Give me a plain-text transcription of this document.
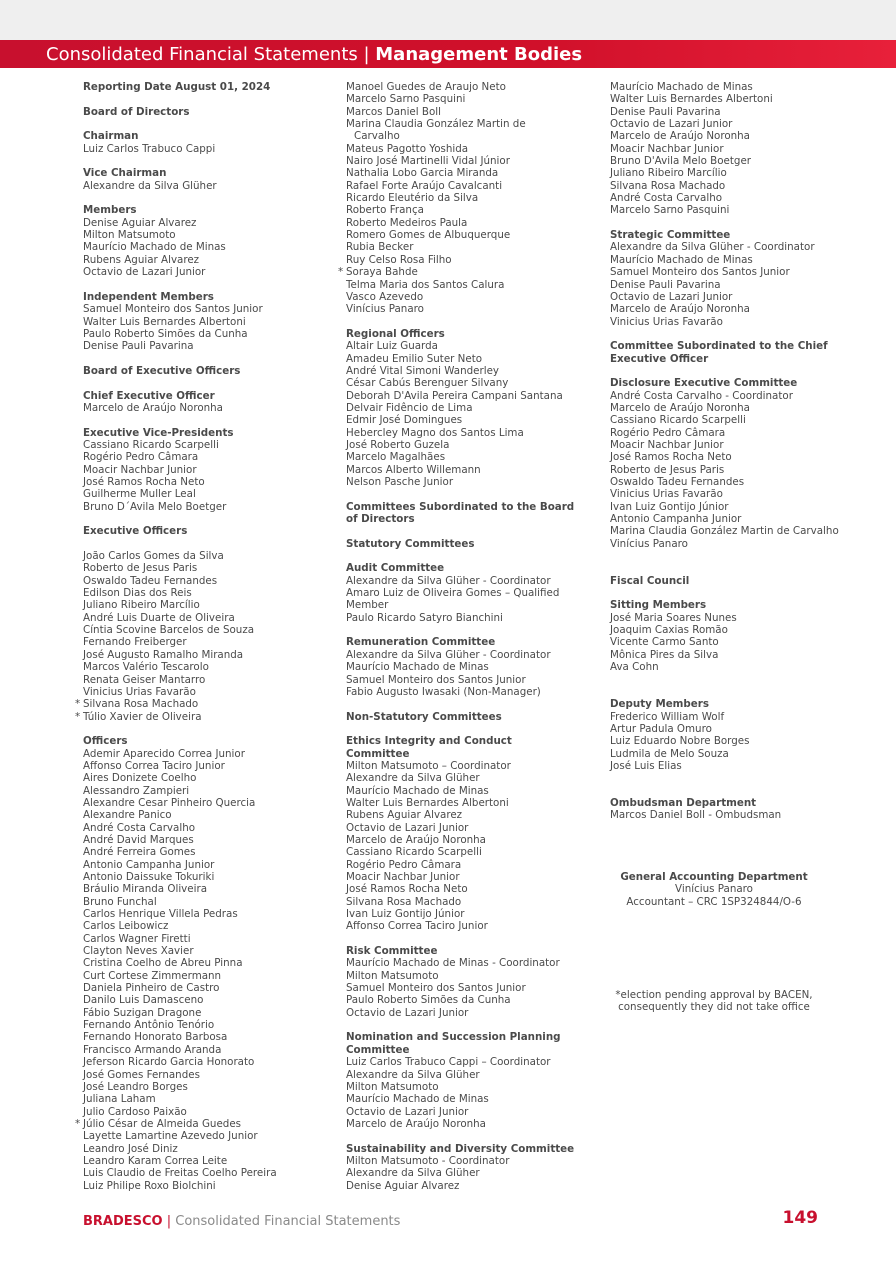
Consolidated Financial Statements | Management Bodies
Reporting Date August 01, 2024
Board of Directors
Chairman
Luiz Carlos Trabuco Cappi
Vice Chairman
Alexandre da Silva Glüher
Members
Denise Aguiar Alvarez
Milton Matsumoto
Maurício Machado de Minas
Rubens Aguiar Alvarez
Octavio de Lazari Junior
Independent Members
Samuel Monteiro dos Santos Junior
Walter Luis Bernardes Albertoni
Paulo Roberto Simões da Cunha
Denise Pauli Pavarina
Board of Executive Officers
Chief Executive Officer
Marcelo de Araújo Noronha
Executive Vice-Presidents
Cassiano Ricardo Scarpelli
Rogério Pedro Câmara
Moacir Nachbar Junior
José Ramos Rocha Neto
Guilherme Muller Leal
Bruno D´Avila Melo Boetger
Executive Officers
João Carlos Gomes da Silva
Roberto de Jesus Paris
Oswaldo Tadeu Fernandes
Edilson Dias dos Reis
Juliano Ribeiro Marcílio
André Luis Duarte de Oliveira
Cíntia Scovine Barcelos de Souza
Fernando Freiberger
José Augusto Ramalho Miranda
Marcos Valério Tescarolo
Renata Geiser Mantarro
Vinicius Urias Favarão
* Silvana Rosa Machado
* Túlio Xavier de Oliveira
Officers
Ademir Aparecido Correa Junior
Affonso Correa Taciro Junior
Aires Donizete Coelho
Alessandro Zampieri
Alexandre Cesar Pinheiro Quercia
Alexandre Panico
André Costa Carvalho
André David Marques
André Ferreira Gomes
Antonio Campanha Junior
Antonio Daissuke Tokuriki
Bráulio Miranda Oliveira
Bruno Funchal
Carlos Henrique Villela Pedras
Carlos Leibowicz
Carlos Wagner Firetti
Clayton Neves Xavier
Cristina Coelho de Abreu Pinna
Curt Cortese Zimmermann
Daniela Pinheiro de Castro
Danilo Luis Damasceno
Fábio Suzigan Dragone
Fernando Antônio Tenório
Fernando Honorato Barbosa
Francisco Armando Aranda
Jeferson Ricardo Garcia Honorato
José Gomes Fernandes
José Leandro Borges
Juliana Laham
Julio Cardoso Paixão
* Júlio César de Almeida Guedes
Layette Lamartine Azevedo Junior
Leandro José Diniz
Leandro Karam Correa Leite
Luis Claudio de Freitas Coelho Pereira
Luiz Philipe Roxo Biolchini
Manoel Guedes de Araujo Neto
Marcelo Sarno Pasquini
Marcos Daniel Boll
Marina Claudia González Martin de
Carvalho
Mateus Pagotto Yoshida
Nairo José Martinelli Vidal Júnior
Nathalia Lobo Garcia Miranda
Rafael Forte Araújo Cavalcanti
Ricardo Eleutério da Silva
Roberto França
Roberto Medeiros Paula
Romero Gomes de Albuquerque
Rubia Becker
Ruy Celso Rosa Filho
* Soraya Bahde
Telma Maria dos Santos Calura
Vasco Azevedo
Vinícius Panaro
Regional Officers
Altair Luiz Guarda
Amadeu Emilio Suter Neto
André Vital Simoni Wanderley
César Cabús Berenguer Silvany
Deborah D'Avila Pereira Campani Santana
Delvair Fidêncio de Lima
Edmir José Domingues
Hebercley Magno dos Santos Lima
José Roberto Guzela
Marcelo Magalhães
Marcos Alberto Willemann
Nelson Pasche Junior
Committees Subordinated to the Board
of Directors
Statutory Committees
Audit Committee
Alexandre da Silva Glüher - Coordinator
Amaro Luiz de Oliveira Gomes – Qualified
Member
Paulo Ricardo Satyro Bianchini
Remuneration Committee
Alexandre da Silva Glüher - Coordinator
Maurício Machado de Minas
Samuel Monteiro dos Santos Junior
Fabio Augusto Iwasaki (Non-Manager)
Non-Statutory Committees
Ethics Integrity and Conduct
Committee
Milton Matsumoto – Coordinator
Alexandre da Silva Glüher
Maurício Machado de Minas
Walter Luis Bernardes Albertoni
Rubens Aguiar Alvarez
Octavio de Lazari Junior
Marcelo de Araújo Noronha
Cassiano Ricardo Scarpelli
Rogério Pedro Câmara
Moacir Nachbar Junior
José Ramos Rocha Neto
Silvana Rosa Machado
Ivan Luiz Gontijo Júnior
Affonso Correa Taciro Junior
Risk Committee
Maurício Machado de Minas - Coordinator
Milton Matsumoto
Samuel Monteiro dos Santos Junior
Paulo Roberto Simões da Cunha
Octavio de Lazari Junior
Nomination and Succession Planning
Committee
Luiz Carlos Trabuco Cappi – Coordinator
Alexandre da Silva Glüher
Milton Matsumoto
Maurício Machado de Minas
Octavio de Lazari Junior
Marcelo de Araújo Noronha
Sustainability and Diversity Committee
Milton Matsumoto - Coordinator
Alexandre da Silva Glüher
Denise Aguiar Alvarez
Maurício Machado de Minas
Walter Luis Bernardes Albertoni
Denise Pauli Pavarina
Octavio de Lazari Junior
Marcelo de Araújo Noronha
Moacir Nachbar Junior
Bruno D'Avila Melo Boetger
Juliano Ribeiro Marcílio
Silvana Rosa Machado
André Costa Carvalho
Marcelo Sarno Pasquini
Strategic Committee
Alexandre da Silva Glüher - Coordinator
Maurício Machado de Minas
Samuel Monteiro dos Santos Junior
Denise Pauli Pavarina
Octavio de Lazari Junior
Marcelo de Araújo Noronha
Vinicius Urias Favarão
Committee Subordinated to the Chief
Executive Officer
Disclosure Executive Committee
André Costa Carvalho - Coordinator
Marcelo de Araújo Noronha
Cassiano Ricardo Scarpelli
Rogério Pedro Câmara
Moacir Nachbar Junior
José Ramos Rocha Neto
Roberto de Jesus Paris
Oswaldo Tadeu Fernandes
Vinicius Urias Favarão
Ivan Luiz Gontijo Júnior
Antonio Campanha Junior
Marina Claudia González Martin de Carvalho
Vinícius Panaro
Fiscal Council
Sitting Members
José Maria Soares Nunes
Joaquim Caxias Romão
Vicente Carmo Santo
Mônica Pires da Silva
Ava Cohn
Deputy Members
Frederico William Wolf
Artur Padula Omuro
Luiz Eduardo Nobre Borges
Ludmila de Melo Souza
José Luis Elias
Ombudsman Department
Marcos Daniel Boll - Ombudsman
General Accounting Department
Vinícius Panaro
Accountant – CRC 1SP324844/O-6
*election pending approval by BACEN,
consequently they did not take office
BRADESCO | Consolidated Financial Statements	149
